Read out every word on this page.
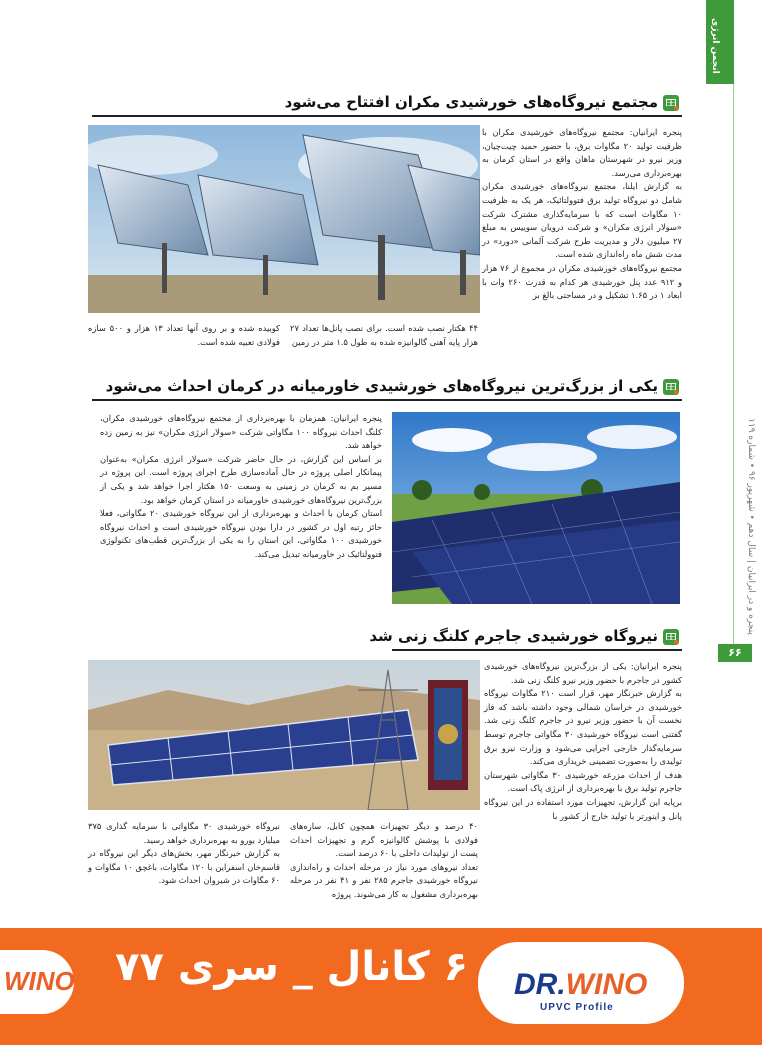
انجمن انرژی
پنجره و در ایرانیان | سال دهم • شهریور ۹۶ • شماره ۱۱۹
۶۶
مجتمع نیروگاه‌های خورشیدی مکران افتتاح می‌شود

پنجره ایرانیان: مجتمع نیروگاه‌های خورشیدی مکران با ظرفیت تولید ۲۰ مگاوات برق، با حضور حمید چیت‌چیان، وزیر نیرو در شهرستان ماهان واقع در استان کرمان به بهره‌برداری می‌رسد.

به گزارش ایلنا، مجتمع نیروگاه‌های خورشیدی مکران شامل دو نیروگاه تولید برق فتوولتائیک، هر یک به ظرفیت ۱۰ مگاوات است که با سرمایه‌گذاری مشترک شرکت «سولار انرژی مکران» و شرکت درویان سوییس به مبلغ ۲۷ میلیون دلار و مدیریت طرح شرکت آلمانی «دورد» در مدت شش ماه راه‌اندازی شده است.

مجتمع نیروگاه‌های خورشیدی مکران در مجموع از ۷۶ هزار و ۹۱۲ عدد پنل خورشیدی هر کدام به قدرت ۲۶۰ وات با ابعاد ۱ در ۱.۶۵ تشکیل و در مساحتی بالغ بر

۴۴ هکتار نصب شده است. برای نصب پانل‌ها تعداد ۲۷ هزار پایه آهنی گالوانیزه شده به طول ۱.۵ متر در زمین

کوبیده شده و بر روی آنها تعداد ۱۳ هزار و ۵۰۰ سازه فولادی تعبیه شده است.

یکی از بزرگ‌ترین نیروگاه‌های خورشیدی خاورمیانه در کرمان احداث می‌شود

پنجره ایرانیان: همزمان با بهره‌برداری از مجتمع نیروگاه‌های خورشیدی مکران، کلنگ احداث نیروگاه ۱۰۰ مگاواتی شرکت «سولار انرژی مکران» نیز به زمین زده خواهد شد.

بر اساس این گزارش، در حال حاضر شرکت «سولار انرژی مکران» به‌عنوان پیمانکار اصلی پروژه در حال آماده‌سازی طرح اجرای پروژه است. این پروژه در مسیر بم به کرمان در زمینی به وسعت ۱۵۰ هکتار اجرا خواهد شد و یکی از بزرگ‌ترین نیروگاه‌های خورشیدی خاورمیانه در استان کرمان خواهد بود.

استان کرمان با احداث و بهره‌برداری از این نیروگاه خورشیدی ۲۰ مگاواتی، فعلا حائز رتبه اول در کشور در دارا بودن نیروگاه خورشیدی است و احداث نیروگاه خورشیدی ۱۰۰ مگاواتی، این استان را به یکی از بزرگ‌ترین قطب‌های تکنولوژی فتوولتائیک در خاورمیانه تبدیل می‌کند.

نیروگاه خورشیدی جاجرم کلنگ زنی شد

پنجره ایرانیان: یکی از بزرگ‌ترین نیروگاه‌های خورشیدی کشور در جاجرم با حضور وزیر نیرو کلنگ زنی شد.

به گزارش خبرنگار مهر، قرار است ۲۱۰ مگاوات نیروگاه خورشیدی در خراسان شمالی وجود داشته باشد که فاز نخست آن با حضور وزیر نیرو در جاجرم کلنگ زنی شد. گفتنی است نیروگاه خورشیدی ۳۰ مگاواتی جاجرم توسط سرمایه‌گذار خارجی اجرایی می‌شود و وزارت نیرو برق تولیدی را به‌صورت تضمینی خریداری می‌کند.

هدف از احداث مزرعه خورشیدی ۳۰ مگاواتی شهرستان جاجرم تولید برق با بهره‌برداری از انرژی پاک است.

برپایه این گزارش، تجهیزات مورد استفاده در این نیروگاه پانل و اینورتر با تولید خارج از کشور با

۴۰ درصد و دیگر تجهیزات همچون کابل، سازه‌های فولادی با پوشش گالوانیزه گرم و تجهیزات احداث پست از تولیدات داخلی با ۶۰ درصد است.

تعداد نیروهای مورد نیاز در مرحله احداث و راه‌اندازی نیروگاه خورشیدی جاجرم ۲۸۵ نفر و ۴۱ نفر در مرحله بهره‌برداری مشغول به کار می‌شوند. پروژه

نیروگاه خورشیدی ۳۰ مگاواتی با سرمایه گذاری ۳۷۵ میلیارد یورو به بهره‌برداری خواهد رسید.

به گزارش خبرنگار مهر، بخش‌های دیگر این نیروگاه در قاسم‌خان اسفراین با ۱۲۰ مگاوات، باغچق ۱۰ مگاوات و ۶۰ مگاوات در شیروان احداث شود.

WINO ۶ کانال _ سری ۷۷ DR.WINO
UPVC Profile
